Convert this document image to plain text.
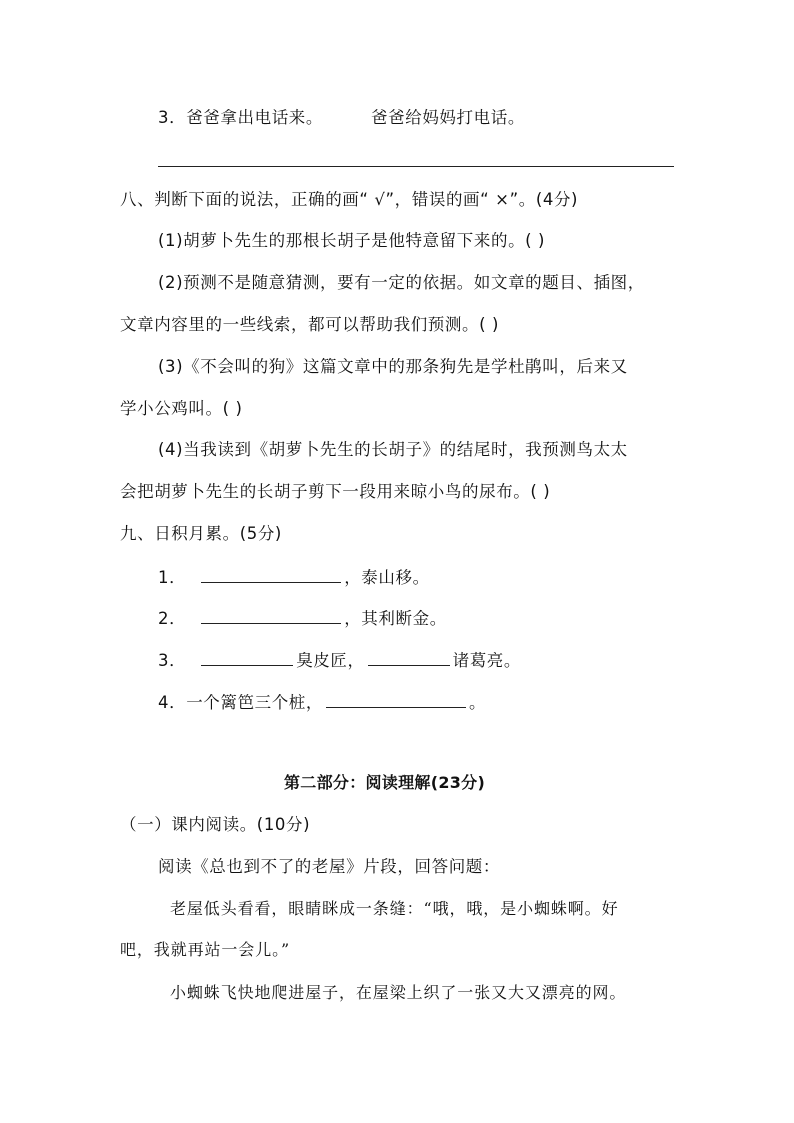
3．爸爸拿出电话来。	爸爸给妈妈打电话。
八、判断下面的说法，正确的画“ √”，错误的画“ ×”。(4分)
(1)胡萝卜先生的那根长胡子是他特意留下来的。( )
(2)预测不是随意猜测，要有一定的依据。如文章的题目、插图，
文章内容里的一些线索，都可以帮助我们预测。( )
(3)《不会叫的狗》这篇文章中的那条狗先是学杜鹃叫，后来又
学小公鸡叫。( )
(4)当我读到《胡萝卜先生的长胡子》的结尾时，我预测鸟太太
会把胡萝卜先生的长胡子剪下一段用来晾小鸟的尿布。( )
九、日积月累。(5分)
1．	，泰山移。
2．	，其利断金。
3．	臭皮匠，	诸葛亮。
4．一个篱笆三个桩，	。
第二部分：阅读理解(23分)
（一）课内阅读。(10分)
阅读《总也到不了的老屋》片段，回答问题：
老屋低头看看，眼睛眯成一条缝：“哦，哦，是小蜘蛛啊。好
吧，我就再站一会儿。”
小蜘蛛飞快地爬进屋子，在屋梁上织了一张又大又漂亮的网。
